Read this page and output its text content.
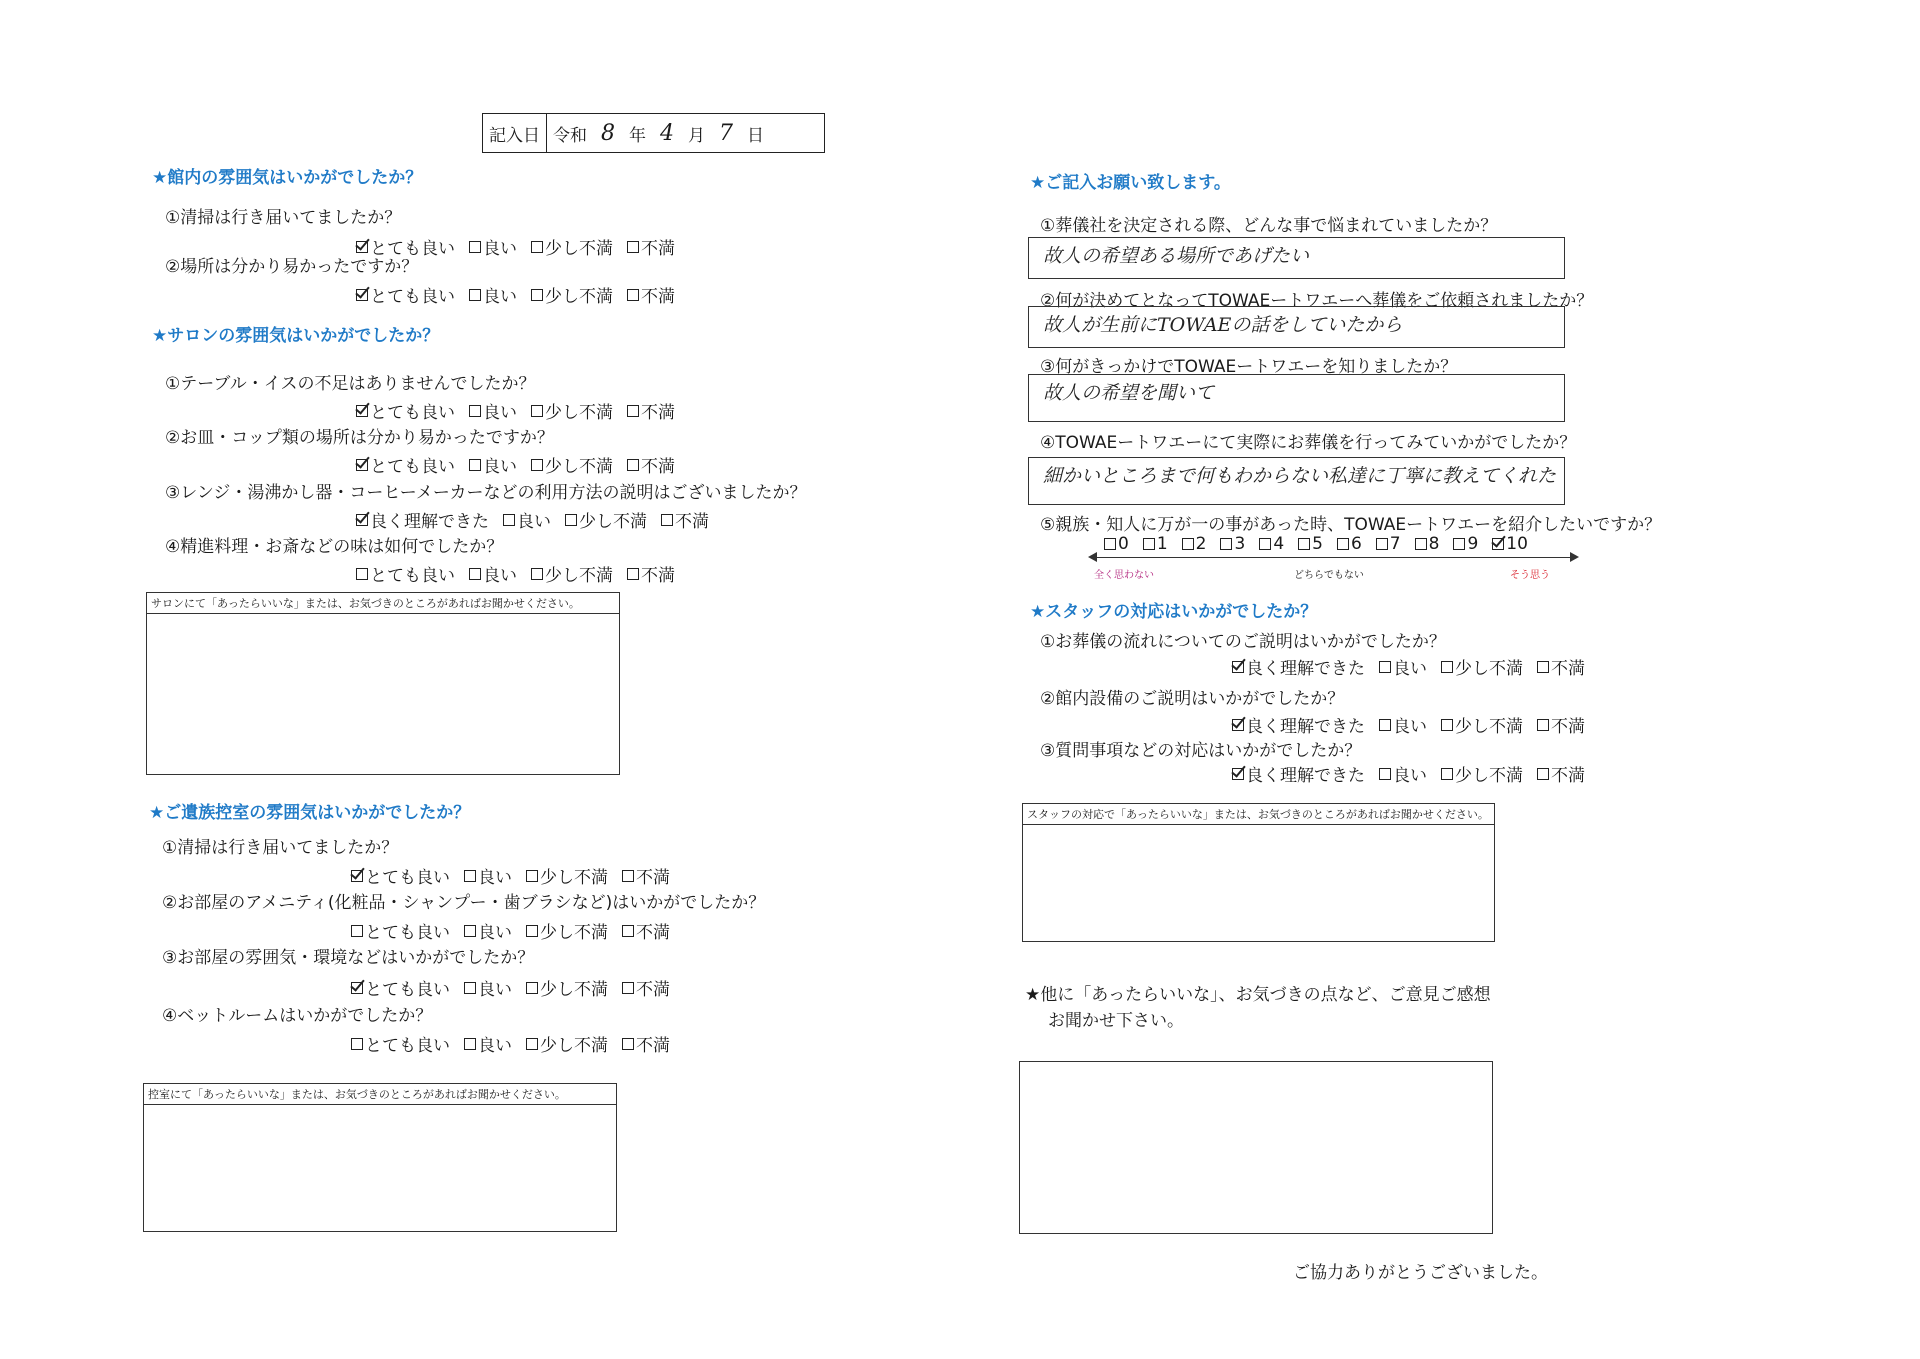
記入日 令和 8 年 4 月 7 日
★館内の雰囲気はいかがでしたか？
①清掃は行き届いてましたか？
とても良い 良い 少し不満 不満
②場所は分かり易かったですか？
とても良い 良い 少し不満 不満
★サロンの雰囲気はいかがでしたか？
①テーブル・イスの不足はありませんでしたか？
とても良い 良い 少し不満 不満
②お皿・コップ類の場所は分かり易かったですか？
とても良い 良い 少し不満 不満
③レンジ・湯沸かし器・コーヒーメーカーなどの利用方法の説明はございましたか？
良く理解できた 良い 少し不満 不満
④精進料理・お斎などの味は如何でしたか？
とても良い 良い 少し不満 不満
サロンにて「あったらいいな」または、お気づきのところがあればお聞かせください。
★ご遺族控室の雰囲気はいかがでしたか？
①清掃は行き届いてましたか？
とても良い 良い 少し不満 不満
②お部屋のアメニティ(化粧品・シャンプー・歯ブラシなど)はいかがでしたか？
とても良い 良い 少し不満 不満
③お部屋の雰囲気・環境などはいかがでしたか？
とても良い 良い 少し不満 不満
④ベットルームはいかがでしたか？
とても良い 良い 少し不満 不満
控室にて「あったらいいな」または、お気づきのところがあればお聞かせください。
★ご記入お願い致します。
①葬儀社を決定される際、どんな事で悩まれていましたか？
故人の希望ある場所であげたい
②何が決めてとなってTOWAEートワエーへ葬儀をご依頼されましたか？
故人が生前にTOWAEの話をしていたから
③何がきっかけでTOWAEートワエーを知りましたか？
故人の希望を聞いて
④TOWAEートワエーにて実際にお葬儀を行ってみていかがでしたか？
細かいところまで何もわからない私達に丁寧に教えてくれた
⑤親族・知人に万が一の事があった時、TOWAEートワエーを紹介したいですか？
0 1 2 3 4 5 6 7 8 9 10
全く思わない	どちらでもない	そう思う
★スタッフの対応はいかがでしたか？
①お葬儀の流れについてのご説明はいかがでしたか？
良く理解できた 良い 少し不満 不満
②館内設備のご説明はいかがでしたか？
良く理解できた 良い 少し不満 不満
③質問事項などの対応はいかがでしたか？
良く理解できた 良い 少し不満 不満
スタッフの対応で「あったらいいな」または、お気づきのところがあればお聞かせください。
★他に「あったらいいな」、お気づきの点など、ご意見ご感想
お聞かせ下さい。
ご協力ありがとうございました。
